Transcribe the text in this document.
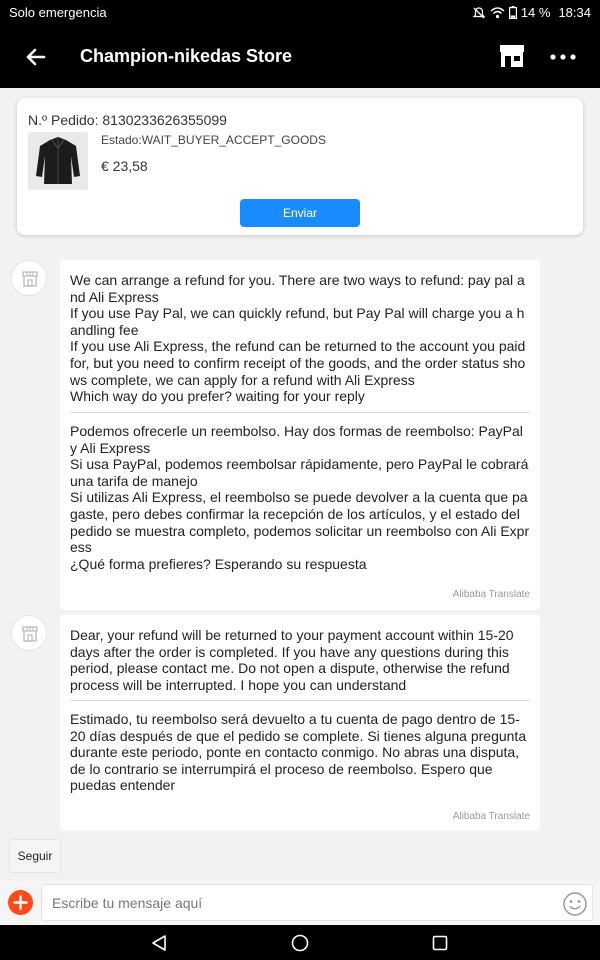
Solo emergencia	14 % 18:34
Champion-nikedas Store
N.º Pedido: 8130233626355099
Estado:WAIT_BUYER_ACCEPT_GOODS
€ 23,58
Enviar
We can arrange a refund for you. There are two ways to refund: pay pal and Ali Express
If you use Pay Pal, we can quickly refund, but Pay Pal will charge you a handling fee
If you use Ali Express, the refund can be returned to the account you paid for, but you need to confirm receipt of the goods, and the order status shows complete, we can apply for a refund with Ali Express
Which way do you prefer? waiting for your reply
Podemos ofrecerle un reembolso. Hay dos formas de reembolso: PayPal y Ali Express
Si usa PayPal, podemos reembolsar rápidamente, pero PayPal le cobrará una tarifa de manejo
Si utilizas Ali Express, el reembolso se puede devolver a la cuenta que pagaste, pero debes confirmar la recepción de los artículos, y el estado del pedido se muestra completo, podemos solicitar un reembolso con Ali Express
¿Qué forma prefieres? Esperando su respuesta
Alibaba Translate
Dear, your refund will be returned to your payment account within 15-20 days after the order is completed. If you have any questions during this period, please contact me. Do not open a dispute, otherwise the refund process will be interrupted. I hope you can understand
Estimado, tu reembolso será devuelto a tu cuenta de pago dentro de 15-20 días después de que el pedido se complete. Si tienes alguna pregunta durante este periodo, ponte en contacto conmigo. No abras una disputa, de lo contrario se interrumpirá el proceso de reembolso. Espero que puedas entender
Alibaba Translate
Seguir
Escribe tu mensaje aquí
